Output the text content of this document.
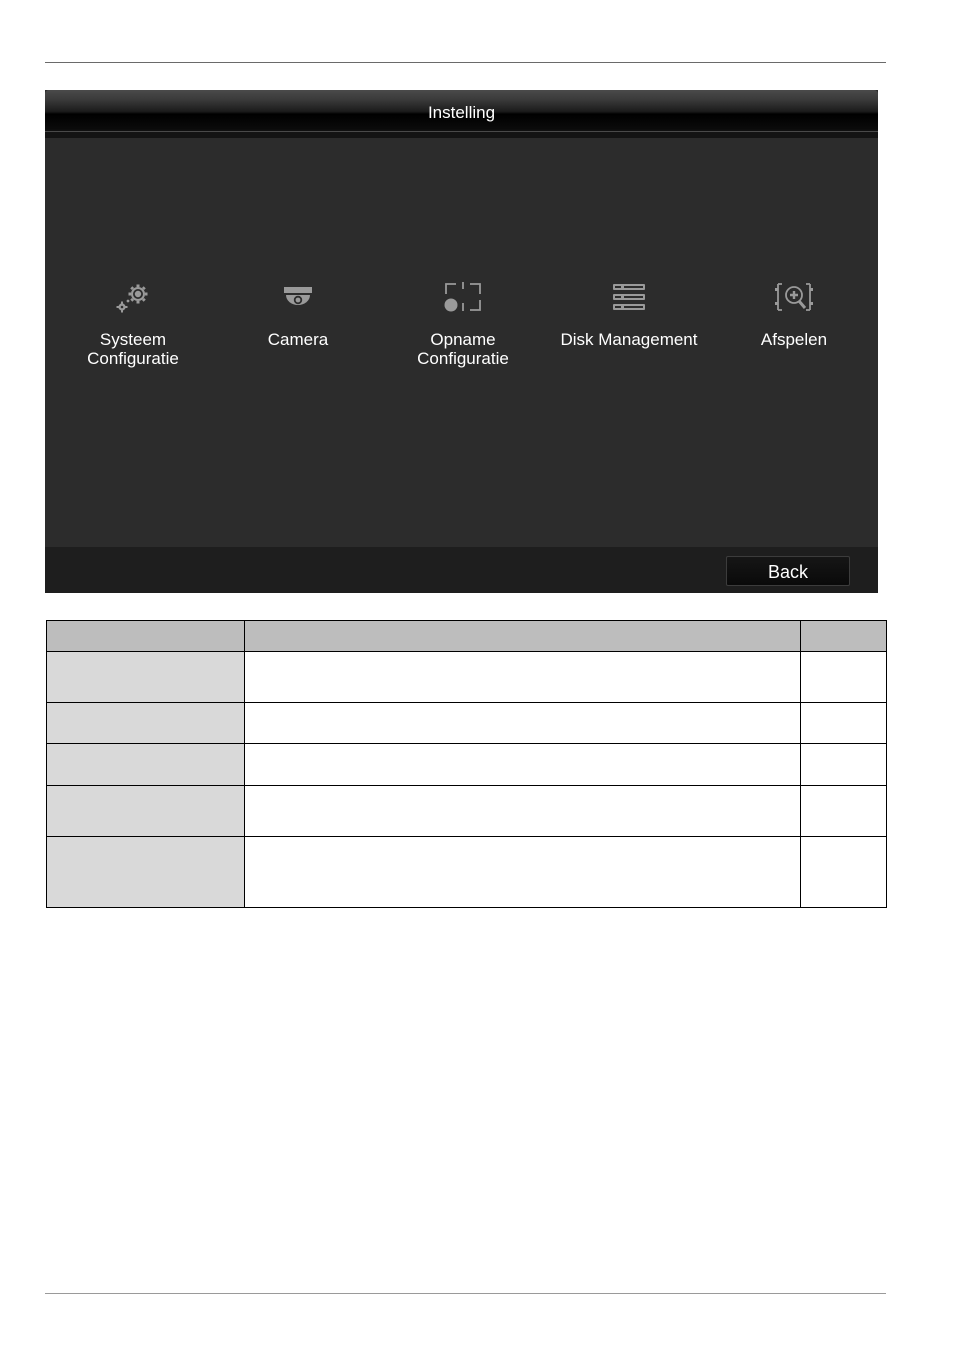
Instelling
Systeem
Configuratie
Camera	Opname
Configuratie
Disk Management	Afspelen
Back
